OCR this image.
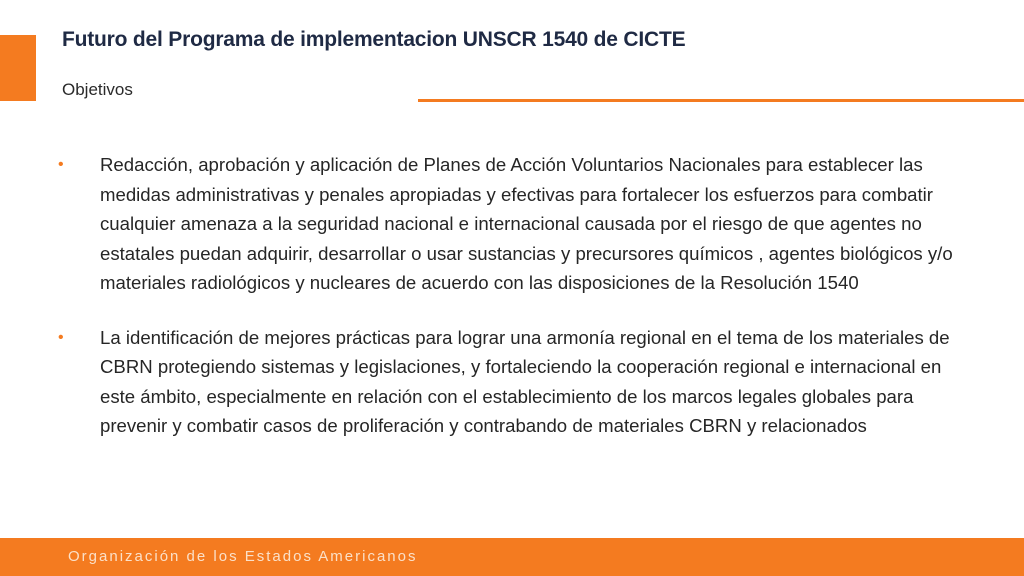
Futuro del Programa de implementacion UNSCR 1540 de CICTE
Objetivos
• Redacción, aprobación y aplicación de Planes de Acción Voluntarios Nacionales para establecer las medidas administrativas y penales apropiadas y efectivas para fortalecer los esfuerzos para combatir cualquier amenaza a la seguridad nacional e internacional causada por el riesgo de que agentes no estatales puedan adquirir, desarrollar o usar sustancias y precursores químicos , agentes biológicos y/o materiales radiológicos y nucleares de acuerdo con las disposiciones de la Resolución 1540
• La identificación de mejores prácticas para lograr una armonía regional en el tema de los materiales de CBRN protegiendo sistemas y legislaciones, y fortaleciendo la cooperación regional e internacional en este ámbito, especialmente en relación con el establecimiento de los marcos legales globales para prevenir y combatir casos de proliferación y contrabando de materiales CBRN y relacionados
Organización de los Estados Americanos
